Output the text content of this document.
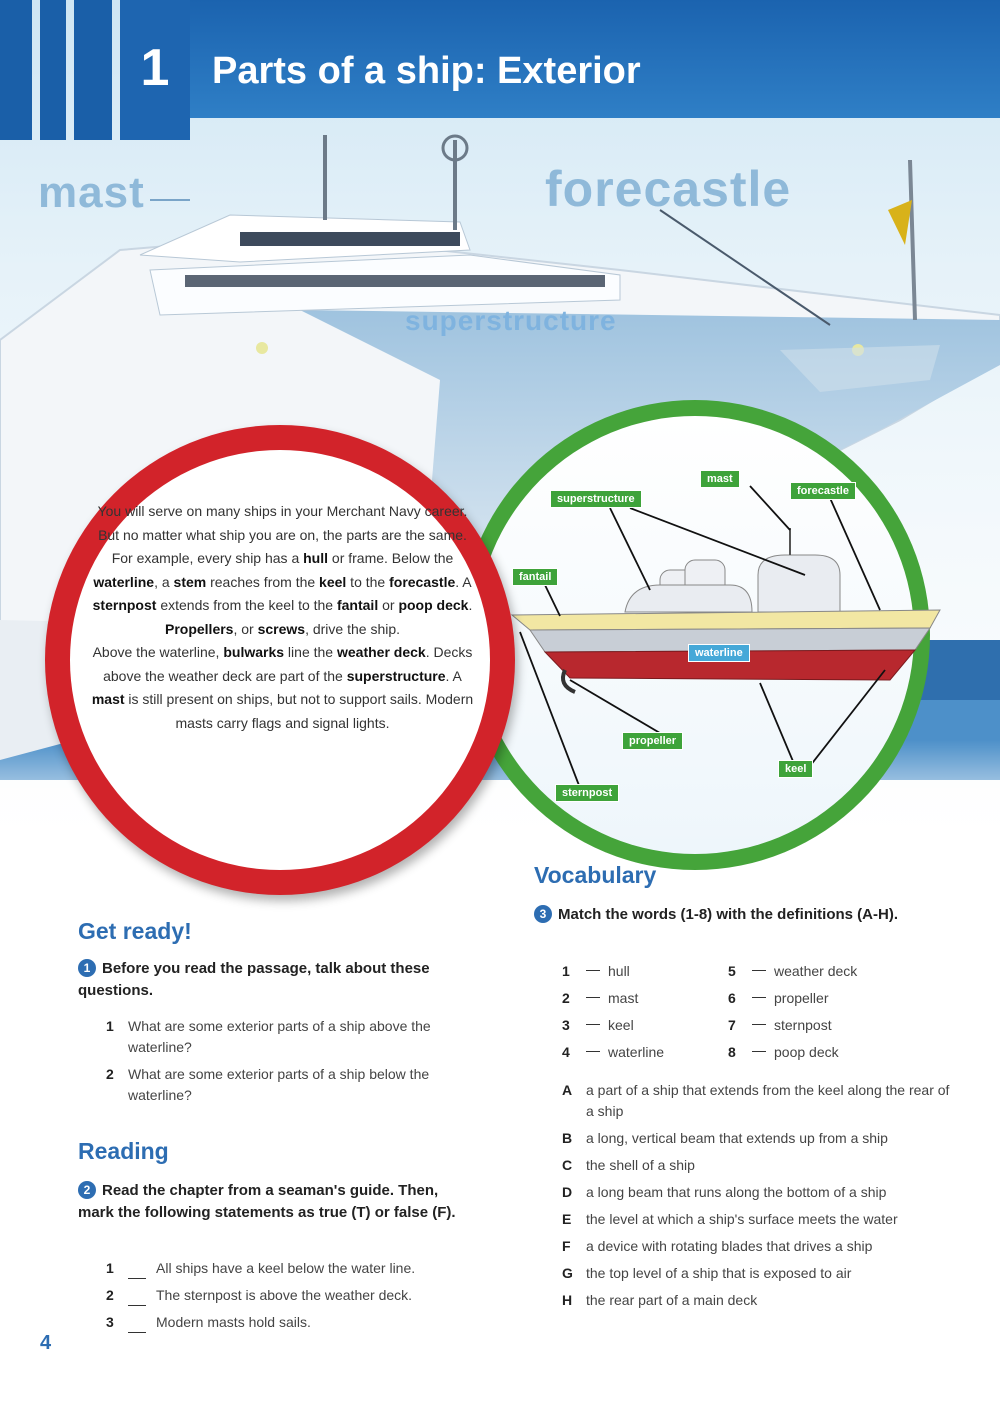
1	Parts of a ship: Exterior
mast	forecastle
superstructure
mast
superstructure
forecastle
fantail
waterline
propeller
keel
sternpost
You will serve on many ships in your Merchant Navy career. But no matter what ship you are on, the parts are the same. For example, every ship has a hull or frame. Below the waterline, a stem reaches from the keel to the forecastle. A sternpost extends from the keel to the fantail or poop deck. Propellers, or screws, drive the ship.
Above the waterline, bulwarks line the weather deck. Decks above the weather deck are part of the superstructure. A mast is still present on ships, but not to support sails. Modern masts carry flags and signal lights.
Get ready!
1 Before you read the passage, talk about these questions.
1	What are some exterior parts of a ship above the waterline?
2	What are some exterior parts of a ship below the waterline?
Reading
2 Read the chapter from a seaman's guide. Then, mark the following statements as true (T) or false (F).
1	All ships have a keel below the water line.
2	The sternpost is above the weather deck.
3	Modern masts hold sails.
Vocabulary
3 Match the words (1-8) with the definitions (A-H).
1	hull
2	mast
3	keel
4	waterline
5	weather deck
6	propeller
7	sternpost
8	poop deck
A a part of a ship that extends from the keel along the rear of a ship
B a long, vertical beam that extends up from a ship
C the shell of a ship
D a long beam that runs along the bottom of a ship
E	the level at which a ship's surface meets the water
F	a device with rotating blades that drives a ship
G the top level of a ship that is exposed to air
H the rear part of a main deck
4
